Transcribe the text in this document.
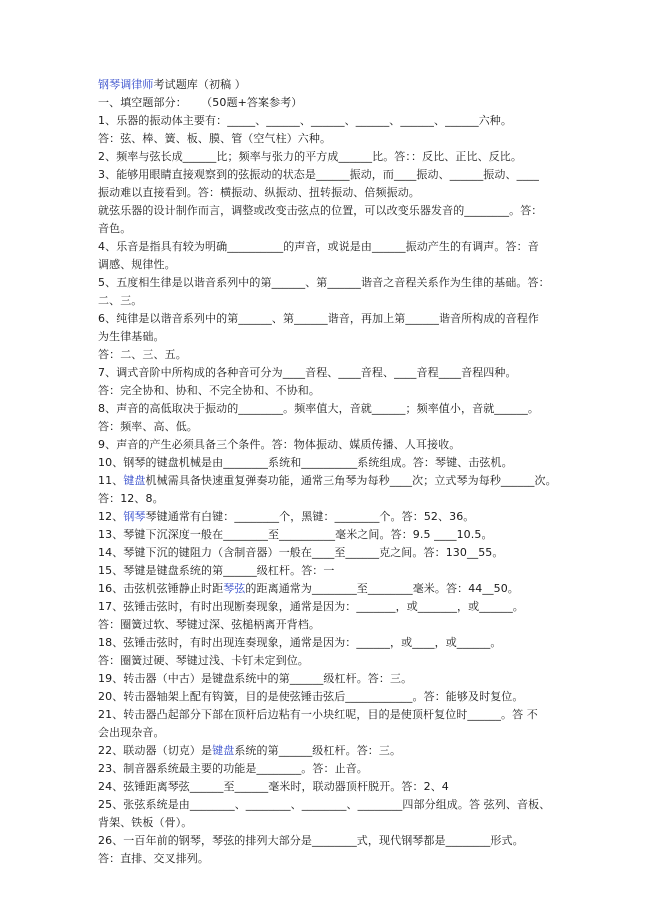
钢琴调律师考试题库（初稿 ）
一、填空题部分：    （50题+答案参考）
1、乐器的振动体主要有：_____、______、______、______、______、______六种。
答：弦、棒、簧、板、膜、管（空气柱）六种。
2、频率与弦长成______比；频率与张力的平方成______比。答：：反比、正比、反比。
3、能够用眼睛直接观察到的弦振动的状态是______振动，而____振动、______振动、____
振动难以直接看到。答：横振动、纵振动、扭转振动、倍频振动。
就弦乐器的设计制作而言，调整或改变击弦点的位置，可以改变乐器发音的________。答：
音色。
4、乐音是指具有较为明确__________的声音，或说是由______振动产生的有调声。答：音
调感、规律性。
5、五度相生律是以谐音系列中的第______、第______谐音之音程关系作为生律的基础。答：
二、三。
6、纯律是以谐音系列中的第______、第______谐音，再加上第______谐音所构成的音程作
为生律基础。
答：二、三、五。
7、调式音阶中所构成的各种音可分为____音程、____音程、____音程____音程四种。
答：完全协和、协和、不完全协和、不协和。
8、声音的高低取决于振动的________。频率值大，音就______；频率值小，音就______。
答：频率、高、低。
9、声音的产生必须具备三个条件。答：物体振动、媒质传播、人耳接收。
10、钢琴的键盘机械是由________系统和__________系统组成。答：琴键、击弦机。
11、键盘机械需具备快速重复弹奏功能，通常三角琴为每秒____次；立式琴为每秒______次。
答：12、8。
12、钢琴琴键通常有白键：________个，黑键：________个。答：52、36。
13、琴键下沉深度一般在________至__________毫米之间。答：9.5 ____10.5。
14、琴键下沉的键阻力（含制音器）一般在____至______克之间。答：130__55。
15、琴键是键盘系统的第______级杠杆。答：一
16、击弦机弦锤静止时距琴弦的距离通常为________至________毫米。答：44__50。
17、弦锤击弦时，有时出现断奏现象，通常是因为：_______，或_______，或______。
答：圈簧过软、琴键过深、弦槌柄离开背档。
18、弦锤击弦时，有时出现连奏现象，通常是因为：______，或____，或______。
答：圈簧过硬、琴键过浅、卡钉未定到位。
19、转击器（中古）是键盘系统中的第______级杠杆。答：三。
20、转击器轴架上配有钩簧，目的是使弦锤击弦后____________。答：能够及时复位。
21、转击器凸起部分下部在顶杆后边粘有一小块红呢，目的是使顶杆复位时______。答 不
会出现杂音。
22、联动器（切克）是键盘系统的第______级杠杆。答：三。
23、制音器系统最主要的功能是________。答：止音。
24、弦锤距离琴弦______至______毫米时，联动器顶杆脱开。答：2、4
25、张弦系统是由________、________、________、________四部分组成。答 弦列、音板、
背架、铁板（骨）。
26、一百年前的钢琴，琴弦的排列大部分是________式，现代钢琴都是________形式。
答：直排、交叉排列。
